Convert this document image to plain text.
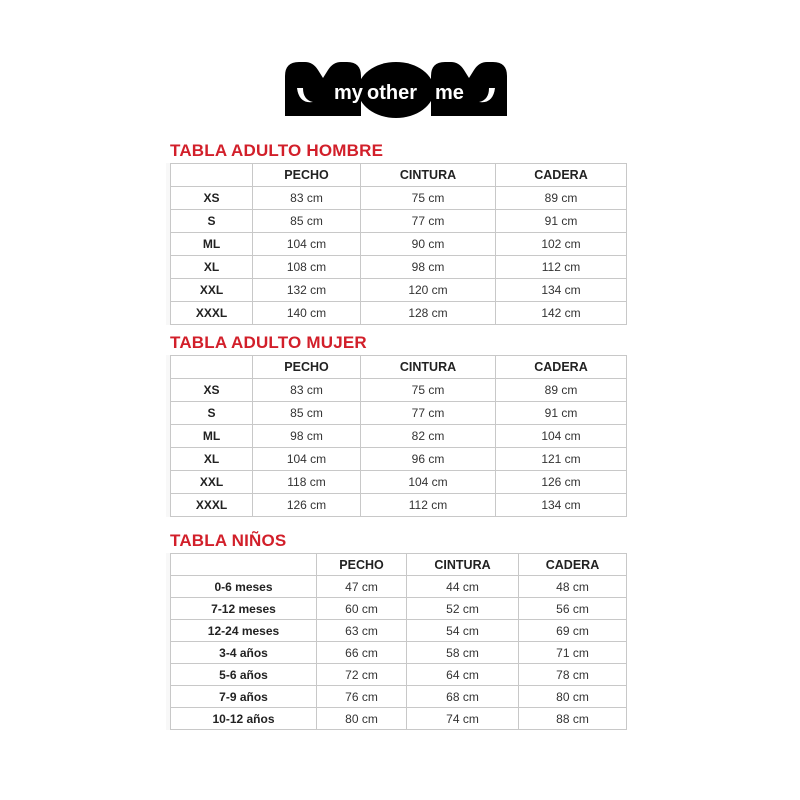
my other me
TABLA ADULTO HOMBRE
	PECHO	CINTURA	CADERA
XS	83 cm	75 cm	89 cm
S	85 cm	77 cm	91 cm
ML	104 cm	90 cm	102 cm
XL	108 cm	98 cm	112 cm
XXL	132 cm	120 cm	134 cm
XXXL	140 cm	128 cm	142 cm
TABLA ADULTO MUJER
	PECHO	CINTURA	CADERA
XS	83 cm	75 cm	89 cm
S	85 cm	77 cm	91 cm
ML	98 cm	82 cm	104 cm
XL	104 cm	96 cm	121 cm
XXL	118 cm	104 cm	126 cm
XXXL	126 cm	112 cm	134 cm
TABLA NIÑOS
	PECHO	CINTURA	CADERA
0-6 meses	47 cm	44 cm	48 cm
7-12 meses	60 cm	52 cm	56 cm
12-24 meses	63 cm	54 cm	69 cm
3-4 años	66 cm	58 cm	71 cm
5-6 años	72 cm	64 cm	78 cm
7-9 años	76 cm	68 cm	80 cm
10-12 años	80 cm	74 cm	88 cm
